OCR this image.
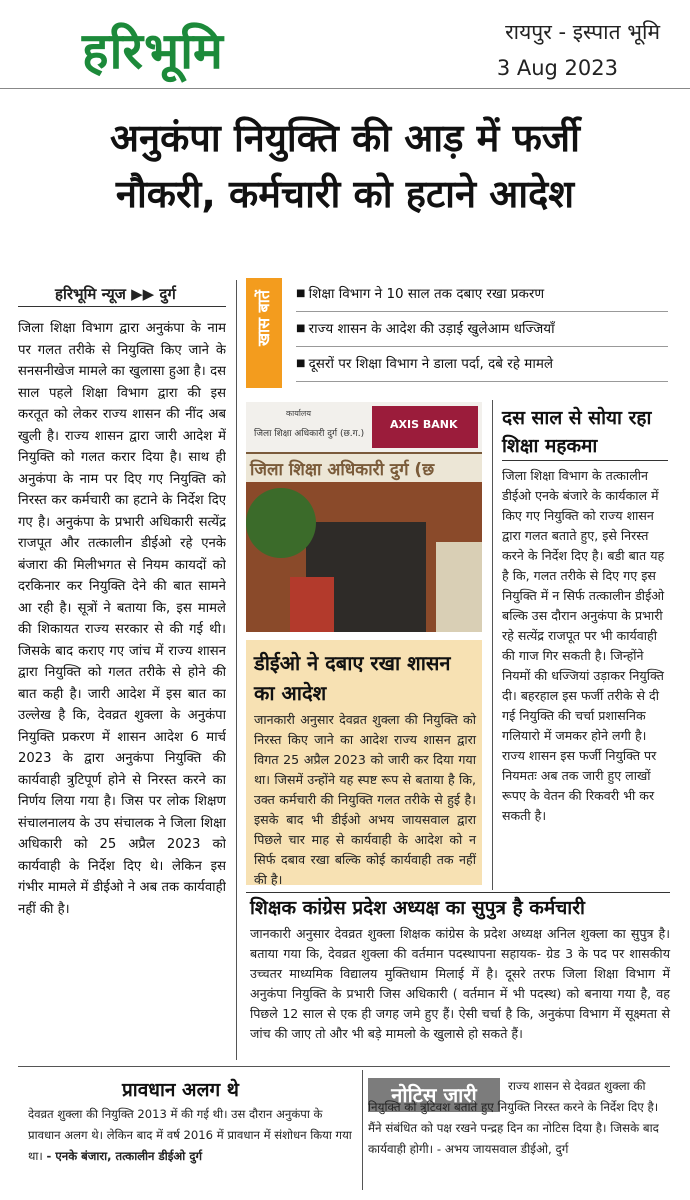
हरिभूमि	रायपुर - इस्पात भूमि
3 Aug 2023
अनुकंपा नियुक्ति की आड़ में फर्जी
नौकरी, कर्मचारी को हटाने आदेश
हरिभूमि न्यूज ▶▶ दुर्ग
जिला शिक्षा विभाग द्वारा अनुकंपा के नाम पर गलत तरीके से नियुक्ति किए जाने के सनसनीखेज मामले का खुलासा हुआ है। दस साल पहले शिक्षा विभाग द्वारा की इस करतूत को लेकर राज्य शासन की नींद अब खुली है। राज्य शासन द्वारा जारी आदेश में नियुक्ति को गलत करार दिया है। साथ ही अनुकंपा के नाम पर दिए गए नियुक्ति को निरस्त कर कर्मचारी का हटाने के निर्देश दिए गए है। अनुकंपा के प्रभारी अधिकारी सत्येंद्र राजपूत और तत्कालीन डीईओ रहे एनके बंजारा की मिलीभगत से नियम कायदों को दरकिनार कर नियुक्ति देने की बात सामने आ रही है। सूत्रों ने बताया कि, इस मामले की शिकायत राज्य सरकार से की गई थी। जिसके बाद कराए गए जांच में राज्य शासन द्वारा नियुक्ति को गलत तरीके से होने की बात कही है। जारी आदेश में इस बात का उल्लेख है कि, देवव्रत शुक्ला के अनुकंपा नियुक्ति प्रकरण में शासन आदेश 6 मार्च 2023 के द्वारा अनुकंपा नियुक्ति की कार्यवाही त्रुटिपूर्ण होने से निरस्त करने का निर्णय लिया गया है। जिस पर लोक शिक्षण संचालनालय के उप संचालक ने जिला शिक्षा अधिकारी को 25 अप्रैल 2023 को कार्यवाही के निर्देश दिए थे। लेकिन इस गंभीर मामले में डीईओ ने अब तक कार्यवाही नहीं की है।
खास बातें
■	शिक्षा विभाग ने 10 साल तक दबाए रखा प्रकरण
■ राज्य शासन के आदेश की उड़ाई खुलेआम धज्जियाँ
■ दूसरों पर शिक्षा विभाग ने डाला पर्दा, दबे रहे मामले
कार्यालय
जिला शिक्षा अधिकारी दुर्ग (छ.ग.)
AXIS BANK
जिला शिक्षा अधिकारी दुर्ग (छ
डीईओ ने दबाए रखा शासन का आदेश
जानकारी अनुसार देवव्रत शुक्ला की नियुक्ति को निरस्त किए जाने का आदेश राज्य शासन द्वारा विगत 25 अप्रैल 2023 को जारी कर दिया गया था। जिसमें उन्होंने यह स्पष्ट रूप से बताया है कि, उक्त कर्मचारी की नियुक्ति गलत तरीके से हुई है। इसके बाद भी डीईओ अभय जायसवाल द्वारा पिछले चार माह से कार्यवाही के आदेश को न सिर्फ दबाव रखा बल्कि कोई कार्यवाही तक नहीं की है।
दस साल से सोया रहा शिक्षा महकमा
जिला शिक्षा विभाग के तत्कालीन डीईओ एनके बंजारे के कार्यकाल में किए गए नियुक्ति को राज्य शासन द्वारा गलत बताते हुए, इसे निरस्त करने के निर्देश दिए है। बडी बात यह है कि, गलत तरीके से दिए गए इस नियुक्ति में न सिर्फ तत्कालीन डीईओ बल्कि उस दौरान अनुकंपा के प्रभारी रहे सत्येंद्र राजपूत पर भी कार्यवाही की गाज गिर सकती है। जिन्होंने नियमों की धज्जियां उड़ाकर नियुक्ति दी। बहरहाल इस फर्जी तरीके से दी गई नियुक्ति की चर्चा प्रशासनिक गलियारो में जमकर होने लगी है। राज्य शासन इस फर्जी नियुक्ति पर नियमतः अब तक जारी हुए लाखों रूपए के वेतन की रिकवरी भी कर सकती है।
शिक्षक कांग्रेस प्रदेश अध्यक्ष का सुपुत्र है कर्मचारी
जानकारी अनुसार देवव्रत शुक्ला शिक्षक कांग्रेस के प्रदेश अध्यक्ष अनिल शुक्ला का सुपुत्र है। बताया गया कि, देवव्रत शुक्ला की वर्तमान पदस्थापना सहायक- ग्रेड 3 के पद पर शासकीय उच्चतर माध्यमिक विद्यालय मुक्तिधाम मिलाई में है। दूसरे तरफ जिला शिक्षा विभाग में अनुकंपा नियुक्ति के प्रभारी जिस अधिकारी ( वर्तमान में भी पदस्थ) को बनाया गया है, वह पिछले 12 साल से एक ही जगह जमे हुए हैं। ऐसी चर्चा है कि, अनुकंपा विभाग में सूक्ष्मता से जांच की जाए तो और भी बड़े मामलो के खुलासे हो सकते हैं।
प्रावधान अलग थे
देवव्रत शुक्ला की नियुक्ति 2013 में की गई थी। उस दौरान अनुकंपा के प्रावधान अलग थे। लेकिन बाद में वर्ष 2016 में प्रावधान में संशोधन किया गया था। - एनके बंजारा, तत्कालीन डीईओ दुर्ग
नोटिस जारी	राज्य शासन से देवव्रत शुक्ला की नियुक्ति को त्रुटिवश बताते हुए नियुक्ति निरस्त करने के निर्देश दिए है। मैंने संबंधित को पक्ष रखने पन्द्रह दिन का नोटिस दिया है। जिसके बाद कार्यवाही होगी। - अभय जायसवाल डीईओ, दुर्ग
